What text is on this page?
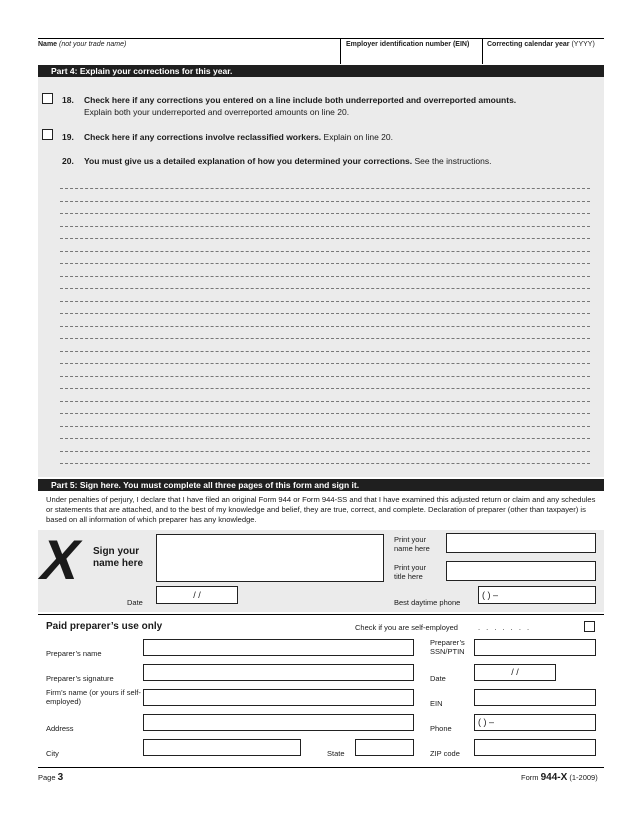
Name (not your trade name)	Employer identification number (EIN)	Correcting calendar year (YYYY)
Part 4: Explain your corrections for this year.
18. Check here if any corrections you entered on a line include both underreported and overreported amounts.
Explain both your underreported and overreported amounts on line 20.
19. Check here if any corrections involve reclassified workers. Explain on line 20.
20. You must give us a detailed explanation of how you determined your corrections. See the instructions.
Part 5: Sign here. You must complete all three pages of this form and sign it.
Under penalties of perjury, I declare that I have filed an original Form 944 or Form 944-SS and that I have examined this adjusted return or claim and any schedules or statements that are attached, and to the best of my knowledge and belief, they are true, correct, and complete. Declaration of preparer (other than taxpayer) is based on all information of which preparer has any knowledge.
X Sign your name here
Print your name here
Print your title here
Date
/ /
Best daytime phone
( ) –
Paid preparer’s use only	Check if you are self-employed	. . . . . . .
Preparer’s name
Preparer’s SSN/PTIN
Preparer’s signature	Date
/ /
Firm’s name (or yours if self-employed)	EIN
Address	Phone
( ) –
City	State	ZIP code
Page 3	Form 944-X (1-2009)
